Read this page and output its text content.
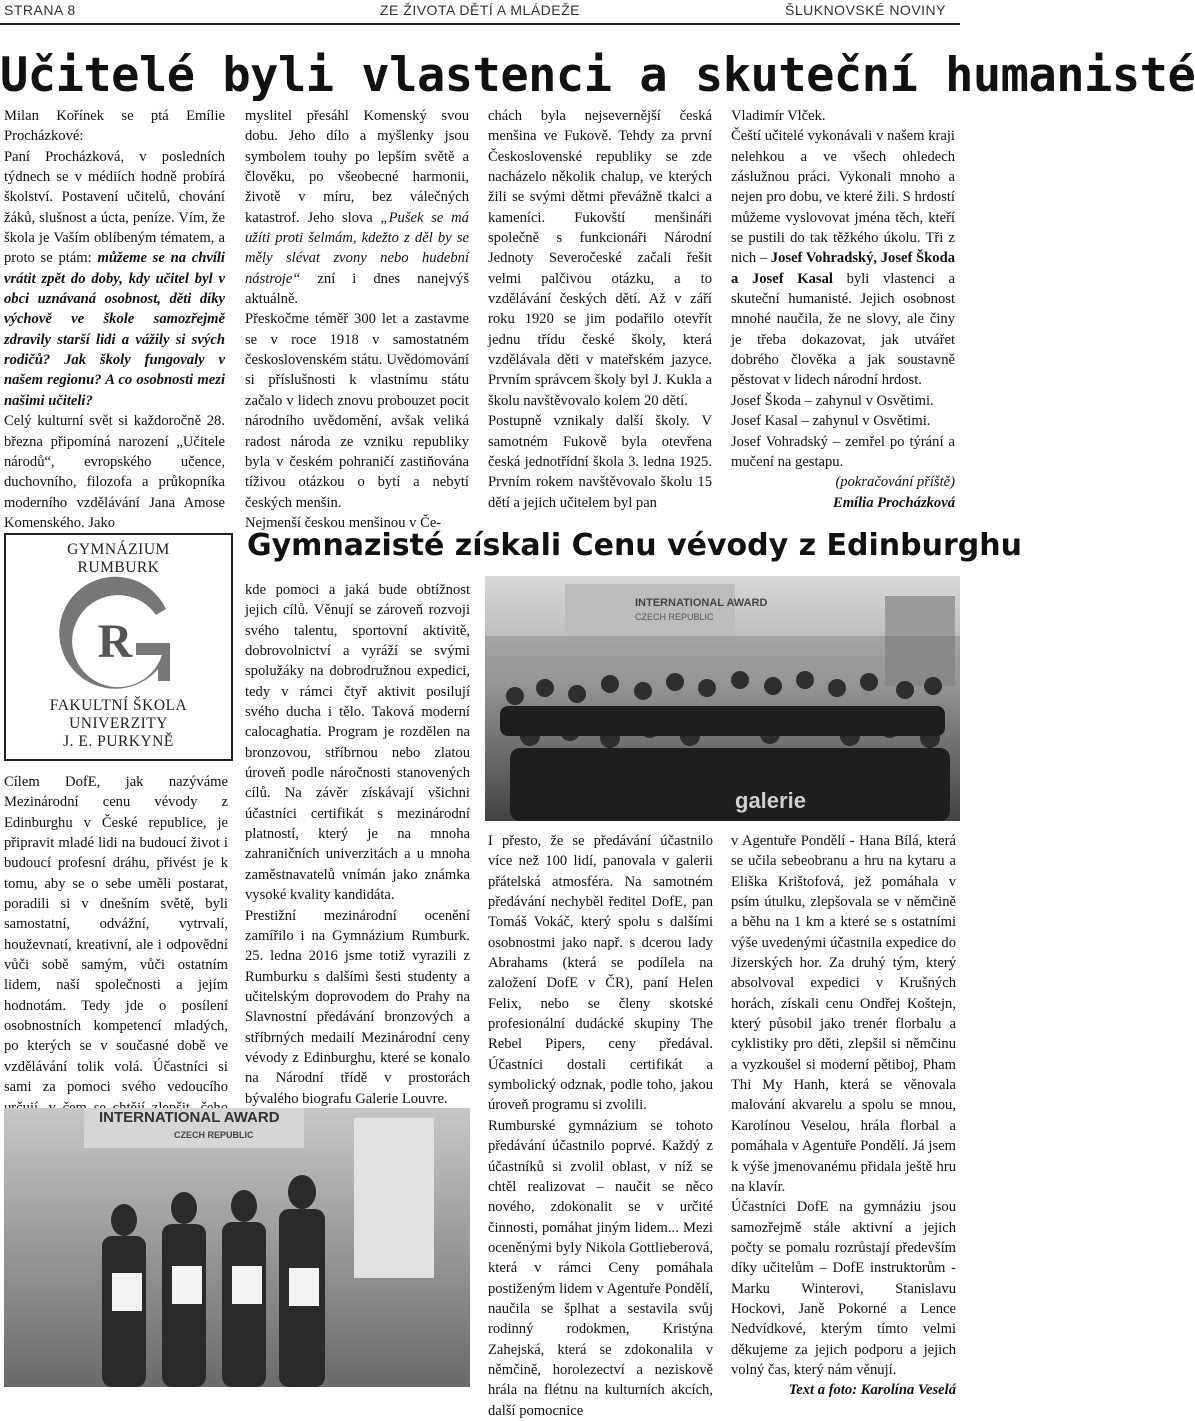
STRANA 8	ZE ŽIVOTA DĚTÍ A MLÁDEŽE	ŠLUKNOVSKÉ NOVINY
Učitelé byli vlastenci a skuteční humanisté

Milan Kořínek se ptá Emílie Procházkové:

Paní Procházková, v posledních týdnech se v médiích hodně probírá školství. Postavení učitelů, chování žáků, slušnost a úcta, peníze. Vím, že škola je Vaším oblíbeným tématem, a proto se ptám: můžeme se na chvíli vrátit zpět do doby, kdy učitel byl v obci uznávaná osobnost, děti díky výchově ve škole samozřejmě zdravily starší lidi a vážily si svých rodičů? Jak školy fungovaly v našem regionu? A co osobnosti mezi našimi učiteli?

Celý kulturní svět si každoročně 28. března připomíná narození „Učitele národů“, evropského učence, duchovního, filozofa a průkopníka moderního vzdělávání Jana Amose Komenského. Jako

myslitel přesáhl Komenský svou dobu. Jeho dílo a myšlenky jsou symbolem touhy po lepším světě a člověku, po všeobecné harmonii, životě v míru, bez válečných katastrof. Jeho slova „Pušek se má užíti proti šelmám, kdežto z děl by se měly slévat zvony nebo hudební nástroje“ zní i dnes nanejvýš aktuálně.

Přeskočme téměř 300 let a zastavme se v roce 1918 v samostatném československém státu. Uvědomování si příslušnosti k vlastnímu státu začalo v lidech znovu probouzet pocit národního uvědomění, avšak veliká radost národa ze vzniku republiky byla v českém pohraničí zastiňována tíživou otázkou o bytí a nebytí českých menšin.

Nejmenší českou menšinou v Če-

chách byla nejsevernější česká menšina ve Fukově. Tehdy za první Československé republiky se zde nacházelo několik chalup, ve kterých žili se svými dětmi převážně tkalci a kameníci. Fukovští menšináři společně s funkcionáři Národní Jednoty Severočeské začali řešit velmi palčivou otázku, a to vzdělávání českých dětí. Až v září roku 1920 se jim podařilo otevřít jednu třídu české školy, která vzdělávala děti v mateřském jazyce. Prvním správcem školy byl J. Kukla a školu navštěvovalo kolem 20 dětí.

Postupně vznikaly další školy. V samotném Fukově byla otevřena česká jednotřídní škola 3. ledna 1925. Prvním rokem navštěvovalo školu 15 dětí a jejich učitelem byl pan

Vladimír Vlček.

Čeští učitelé vykonávali v našem kraji nelehkou a ve všech ohledech záslužnou práci. Vykonali mnoho a nejen pro dobu, ve které žili. S hrdostí můžeme vyslovovat jména těch, kteří se pustili do tak těžkého úkolu. Tři z nich – Josef Vohradský, Josef Škoda a Josef Kasal byli vlastenci a skuteční humanisté. Jejich osobnost mnohé naučila, že ne slovy, ale činy je třeba dokazovat, jak utvářet dobrého člověka a jak soustavně pěstovat v lidech národní hrdost.

Josef Škoda – zahynul v Osvětimi.

Josef Kasal – zahynul v Osvětimi.

Josef Vohradský – zemřel po týrání a mučení na gestapu.

(pokračování příště)

Emília Procházková

Gymnazisté získali Cenu vévody z Edinburghu
GYMNÁZIUM
RUMBURK
R
FAKULTNÍ ŠKOLA
UNIVERZITY
J. E. PURKYNĚ

Cílem DofE, jak nazýváme Mezinárodní cenu vévody z Edinburghu v České republice, je připravit mladé lidi na budoucí život i budoucí profesní dráhu, přivést je k tomu, aby se o sebe uměli postarat, poradili si v dnešním světě, byli samostatní, odvážní, vytrvalí, houževnatí, kreativní, ale i odpovědní vůči sobě samým, vůči ostatním lidem, naší společnosti a jejím hodnotám. Tedy jde o posílení osobnostních kompetencí mladých, po kterých se v současné době ve vzdělávání tolik volá. Účastníci si sami za pomoci svého vedoucího

kde pomoci a jaká bude obtížnost jejich cílů. Věnují se zároveň rozvoji svého talentu, sportovní aktivitě, dobrovolnictví a vyráží se svými spolužáky na dobrodružnou expedici, tedy v rámci čtyř aktivit posilují svého ducha i tělo. Taková moderní calocaghatia. Program je rozdělen na bronzovou, stříbrnou nebo zlatou úroveň podle náročnosti stanovených cílů. Na závěr získávají všichni účastníci certifikát s mezinárodní platností, který je na mnoha zahraničních univerzitách a u mnoha zaměstnavatelů vnímán jako známka vysoké kvality kandidáta.

Prestižní mezinárodní ocenění zamířilo i na Gymnázium Rumburk. 25. ledna 2016 jsme totiž vyrazili z Rumburku s dalšími šesti studenty a učitelským doprovodem do Prahy na Slavnostní předávání bronzových a stříbrných medailí Mezinárodní ceny vévody z Edinburghu, které se konalo na Národní třídě v prostorách bývalého biografu Galerie Louvre.

I přesto, že se předávání účastnilo více než 100 lidí, panovala v galerii přátelská atmosféra. Na samotném předávání nechyběl ředitel DofE, pan Tomáš Vokáč, který spolu s dalšími osobnostmi jako např. s dcerou lady Abrahams (která se podílela na založení DofE v ČR), paní Helen Felix, nebo se členy skotské profesionální dudácké skupiny The Rebel Pipers, ceny předával. Účastníci dostali certifikát a symbolický odznak, podle toho, jakou úroveň programu si zvolili.

Rumburské gymnázium se tohoto předávání účastnilo poprvé. Každý z účastníků si zvolil oblast, v níž se chtěl realizovat – naučit se něco nového, zdokonalit se v určité činnosti, pomáhat jiným lidem... Mezi oceněnými byly Nikola Gottlieberová, která v rámci Ceny pomáhala postiženým lidem v Agentuře Pondělí, naučila se šplhat a sestavila svůj rodinný rodokmen, Kristýna Zahejská, která se zdokonalila v němčině, horolezectví a neziskově hrála na flétnu na kulturních akcích, další pomocnice

v Agentuře Pondělí - Hana Bílá, která se učila sebeobranu a hru na kytaru a Eliška Krištofová, jež pomáhala v psím útulku, zlepšovala se v němčině a běhu na 1 km a které se s ostatními výše uvedenými účastnila expedice do Jizerských hor. Za druhý tým, který absolvoval expedici v Krušných horách, získali cenu Ondřej Koštejn, který působil jako trenér florbalu a cyklistiky pro děti, zlepšil si němčinu a vyzkoušel si moderní pětiboj, Pham Thi My Hanh, která se věnovala malování akvarelu a spolu se mnou, Karolínou Veselou, hrála florbal a pomáhala v Agentuře Pondělí. Já jsem k výše jmenovanému přidala ještě hru na klavír.

Účastníci DofE na gymnáziu jsou samozřejmě stále aktivní a jejich počty se pomalu rozrůstají především díky učitelům – DofE instruktorům - Marku Winterovi, Stanislavu Hockovi, Janě Pokorné a Lence Nedvídkové, kterým tímto velmi děkujeme za jejich podporu a jejich volný čas, který nám věnují.

Text a foto: Karolína Veselá

INTERNATIONAL AWARD
CZECH REPUBLIC
galerie
INTERNATIONAL AWARD
CZECH REPUBLIC
